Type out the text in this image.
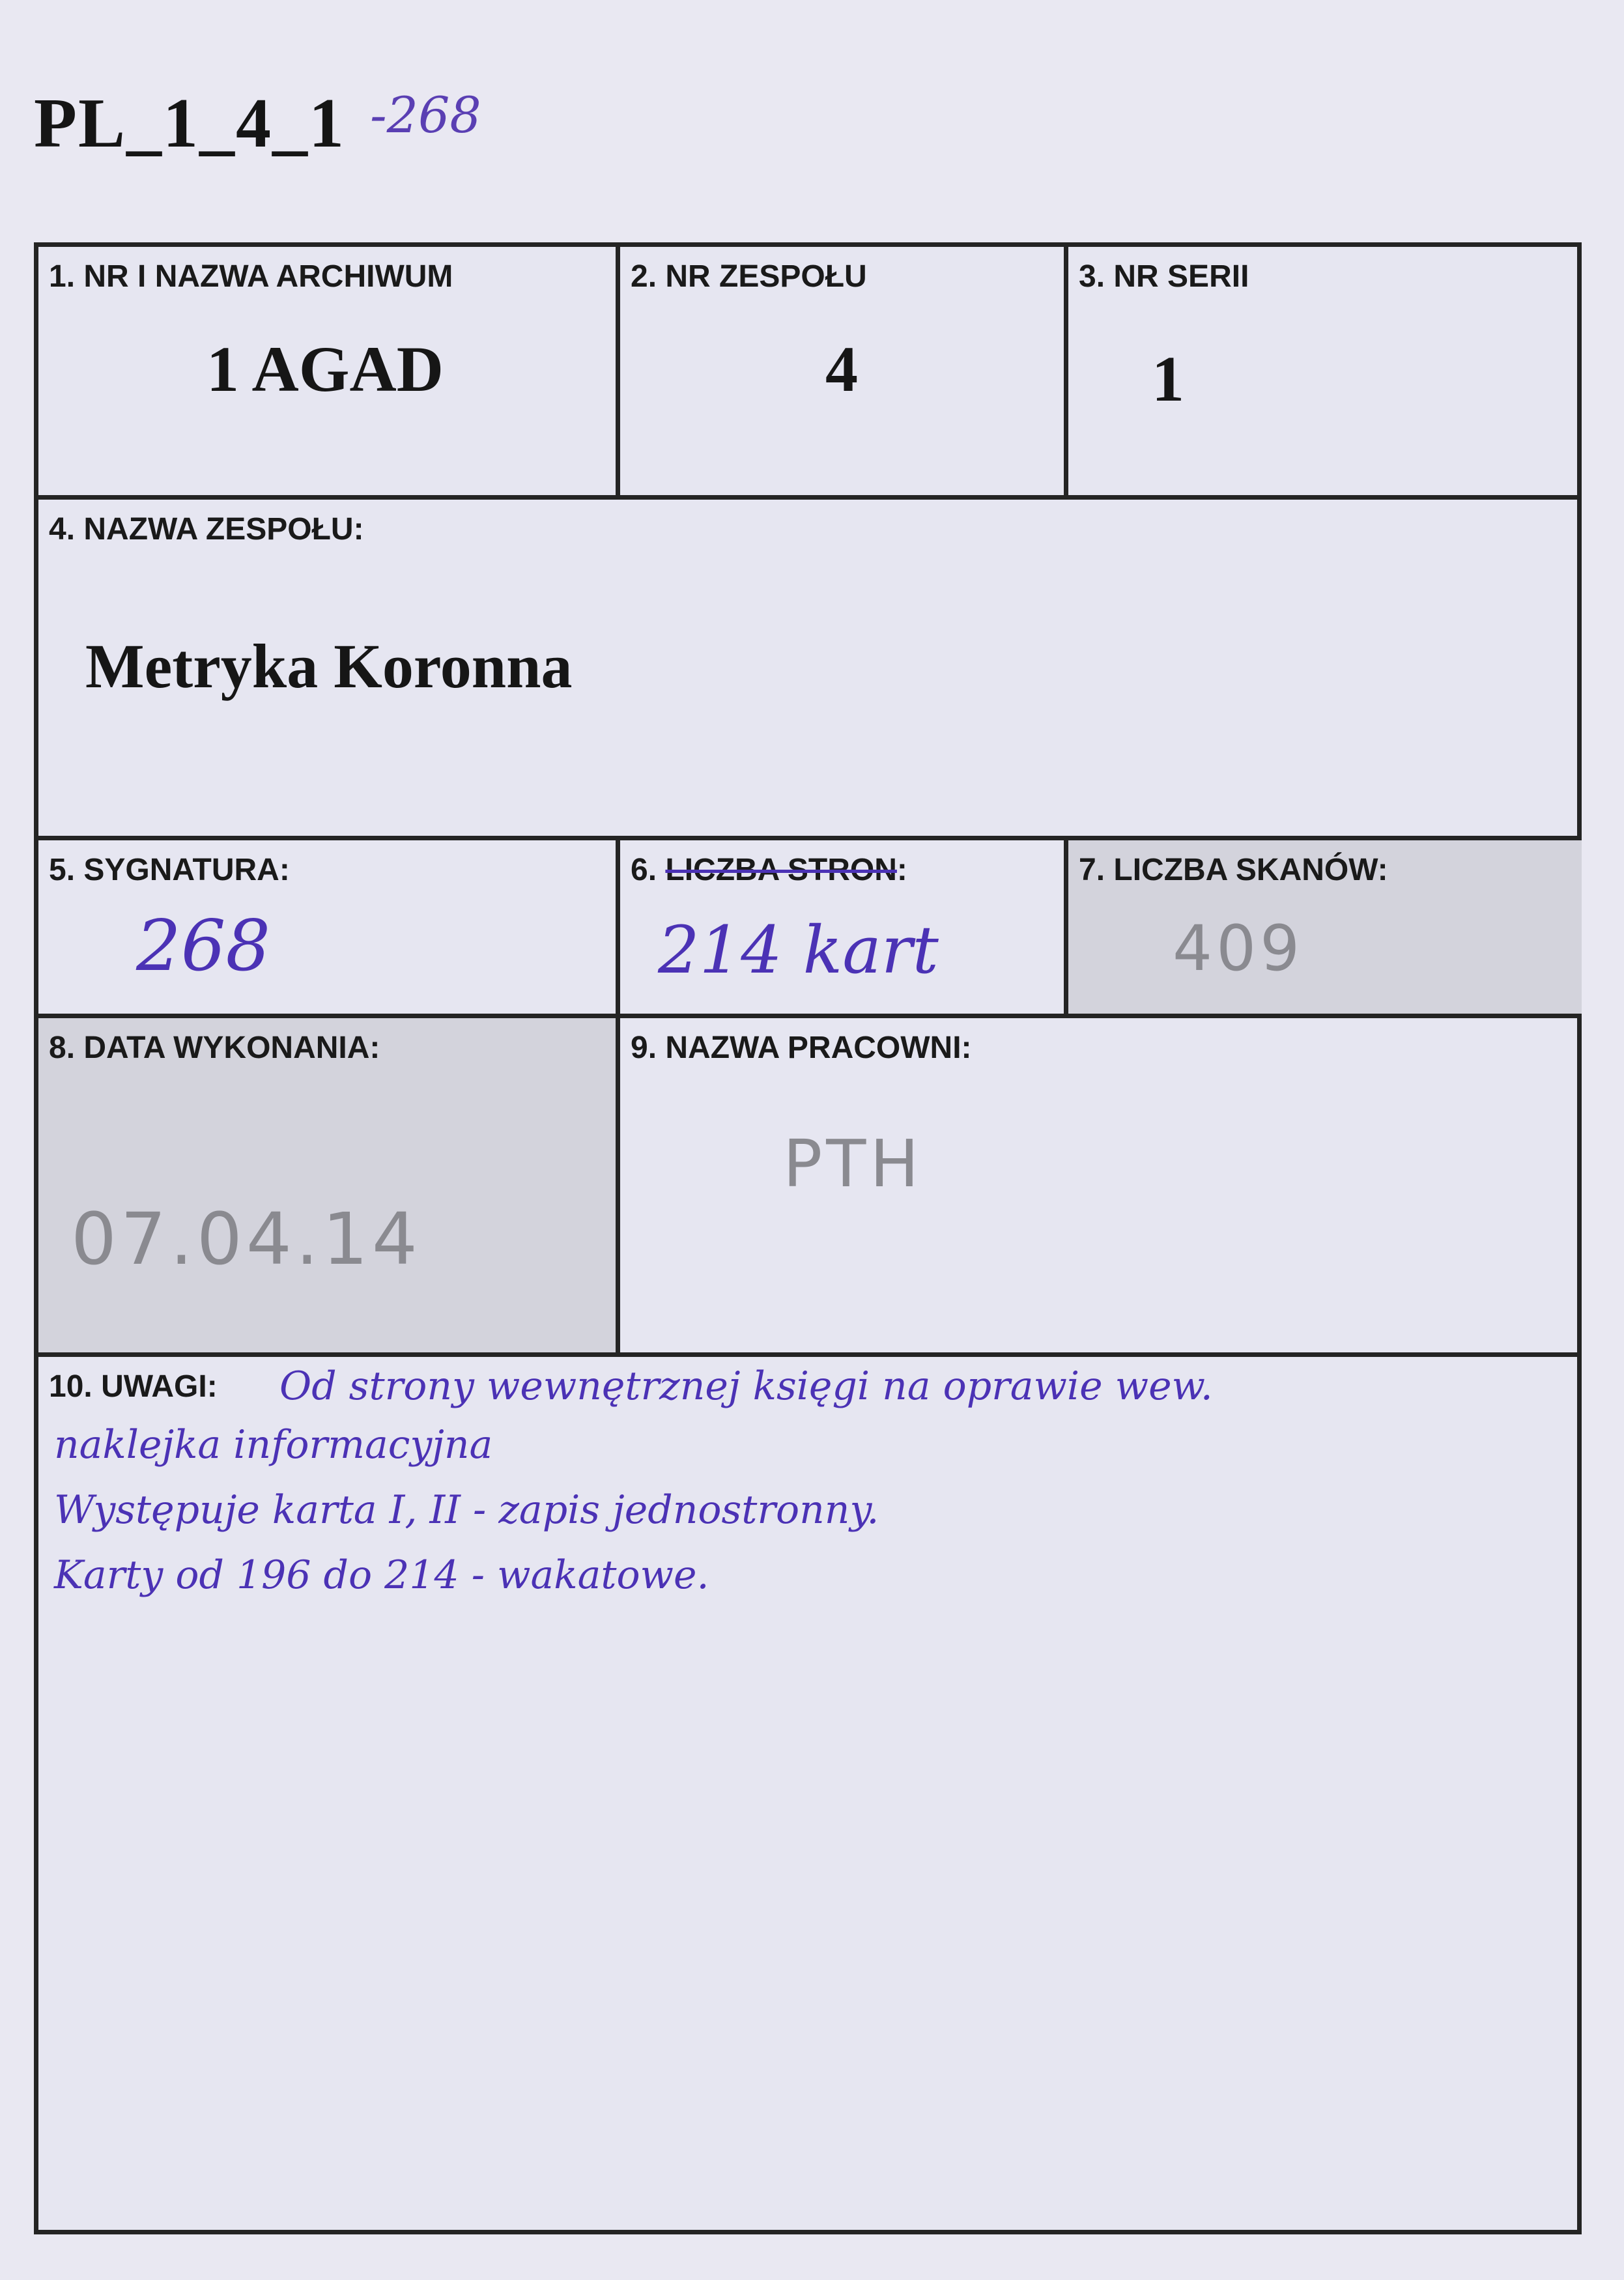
PL_1_4_1 -268
1. NR I NAZWA ARCHIWUM
1 AGAD
2. NR ZESPOŁU
4
3. NR SERII
1
4. NAZWA ZESPOŁU:
Metryka Koronna
5. SYGNATURA:
268
6. LICZBA STRON:
214 kart
7. LICZBA SKANÓW:
409
8. DATA WYKONANIA:
07.04.14
9. NAZWA PRACOWNI:
PTH
10. UWAGI: Od strony wewnętrznej księgi na oprawie wew.
naklejka informacyjna
Występuje karta I, II - zapis jednostronny.
Karty od 196 do 214 - wakatowe.
